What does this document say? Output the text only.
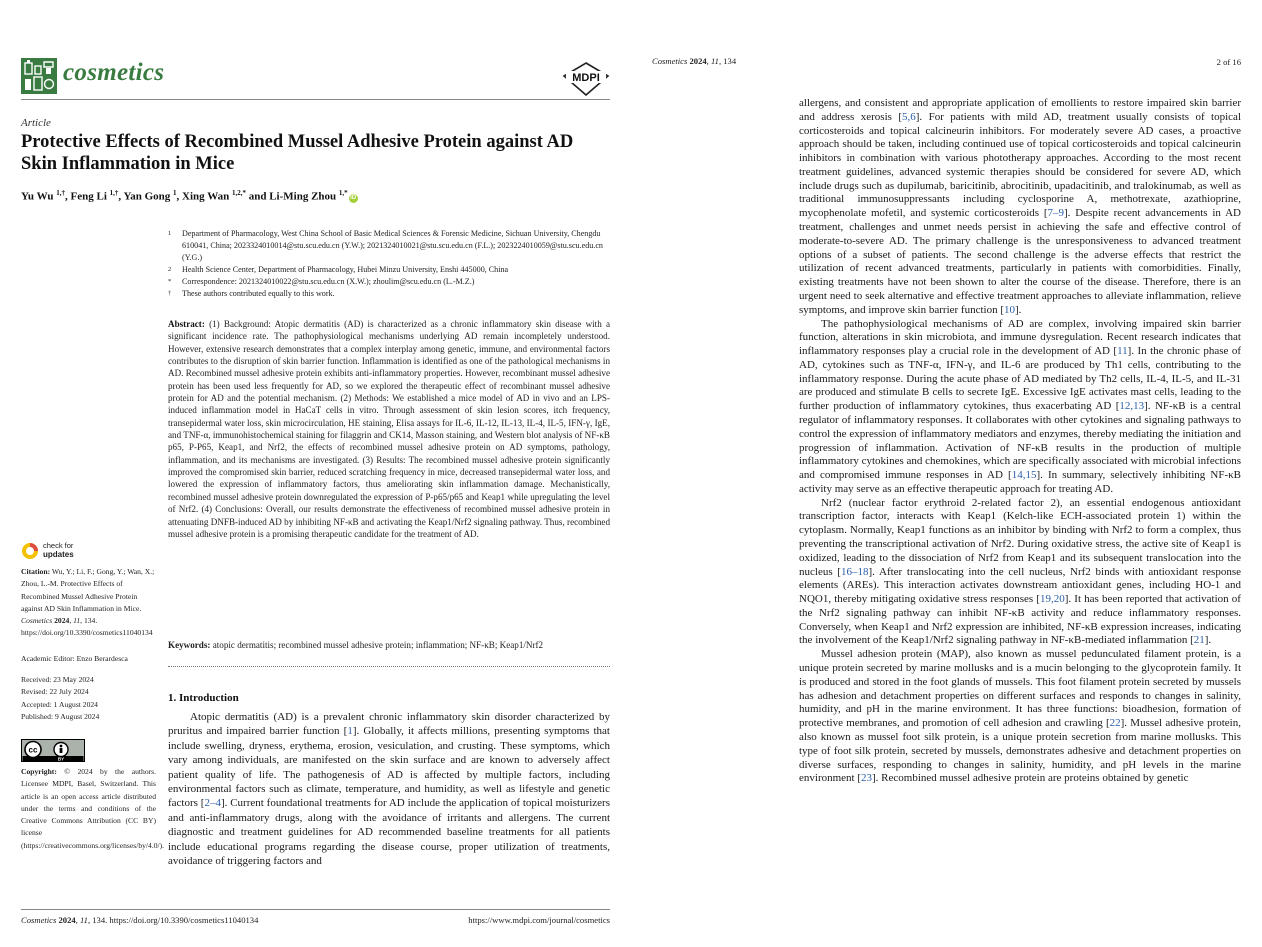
cosmetics	MDPI
Article
Protective Effects of Recombined Mussel Adhesive Protein against AD Skin Inflammation in Mice
Yu Wu $^{1,\dagger}$, Feng Li $^{1,\dagger}$, Yan Gong $^1$, Xing Wan $^{1,2,*}$ and Li-Ming Zhou $^{1,*}$iD
1	Department of Pharmacology, West China School of Basic Medical Sciences & Forensic Medicine, Sichuan University, Chengdu 610041, China; 2023324010014@stu.scu.edu.cn (Y.W.); 2021324010021@stu.scu.edu.cn (F.L.); 2023224010059@stu.scu.edu.cn (Y.G.)
2	Health Science Center, Department of Pharmacology, Hubei Minzu University, Enshi 445000, China
*	Correspondence: 2021324010022@stu.scu.edu.cn (X.W.); zhoulim@scu.edu.cn (L.-M.Z.)
†	These authors contributed equally to this work.
Abstract: (1) Background: Atopic dermatitis (AD) is characterized as a chronic inflammatory skin disease with a significant incidence rate. The pathophysiological mechanisms underlying AD remain incompletely understood. However, extensive research demonstrates that a complex interplay among genetic, immune, and environmental factors contributes to the disruption of skin barrier function. Inflammation is identified as one of the pathological mechanisms in AD. Recombined mussel adhesive protein exhibits anti-inflammatory properties. However, recombinant mussel adhesive protein has been used less frequently for AD, so we explored the therapeutic effect of recombinant mussel adhesive protein for AD and the potential mechanism. (2) Methods: We established a mice model of AD in vivo and an LPS-induced inflammation model in HaCaT cells in vitro. Through assessment of skin lesion scores, itch frequency, transepidermal water loss, skin microcirculation, HE staining, Elisa assays for IL-6, IL-12, IL-13, IL-4, IL-5, IFN-γ, IgE, and TNF-α, immunohistochemical staining for filaggrin and CK14, Masson staining, and Western blot analysis of NF-κB p65, P-P65, Keap1, and Nrf2, the effects of recombined mussel adhesive protein on AD symptoms, pathology, inflammation, and its mechanisms are investigated. (3) Results: The recombined mussel adhesive protein significantly improved the compromised skin barrier, reduced scratching frequency in mice, decreased transepidermal water loss, and lowered the expression of inflammatory factors, thus ameliorating skin inflammation damage. Mechanistically, recombined mussel adhesive protein downregulated the expression of P-p65/p65 and Keap1 while upregulating the level of Nrf2. (4) Conclusions: Overall, our results demonstrate the effectiveness of recombined mussel adhesive protein in attenuating DNFB-induced AD by inhibiting NF-κB and activating the Keap1/Nrf2 signaling pathway. Thus, recombined mussel adhesive protein is a promising therapeutic candidate for the treatment of AD.
Keywords: atopic dermatitis; recombined mussel adhesive protein; inflammation; NF-κB; Keap1/Nrf2
check for
updates
Citation: Wu, Y.; Li, F.; Gong, Y.; Wan, X.; Zhou, L.-M. Protective Effects of Recombined Mussel Adhesive Protein against AD Skin Inflammation in Mice. Cosmetics 2024, 11, 134. https://doi.org/10.3390/cosmetics11040134
Academic Editor: Enzo Berardesca
Received: 23 May 2024
Revised: 22 July 2024
Accepted: 1 August 2024
Published: 9 August 2024
cc
BY
Copyright: © 2024 by the authors. Licensee MDPI, Basel, Switzerland. This article is an open access article distributed under the terms and conditions of the Creative Commons Attribution (CC BY) license (https://creativecommons.org/licenses/by/4.0/).
1. Introduction
Atopic dermatitis (AD) is a prevalent chronic inflammatory skin disorder characterized by pruritus and impaired barrier function [1]. Globally, it affects millions, presenting symptoms that include swelling, dryness, erythema, erosion, vesiculation, and crusting. These symptoms, which vary among individuals, are manifested on the skin surface and are known to adversely affect patient quality of life. The pathogenesis of AD is affected by multiple factors, including environmental factors such as climate, temperature, and humidity, as well as lifestyle and genetic factors [2–4]. Current foundational treatments for AD include the application of topical moisturizers and anti-inflammatory drugs, along with the avoidance of irritants and allergens. The current diagnostic and treatment guidelines for AD recommended baseline treatments for all patients include educational programs regarding the disease course, proper utilization of treatments, avoidance of triggering factors and
Cosmetics 2024, 11, 134. https://doi.org/10.3390/cosmetics11040134	https://www.mdpi.com/journal/cosmetics
Cosmetics 2024, 11, 134	2 of 16

allergens, and consistent and appropriate application of emollients to restore impaired skin barrier and address xerosis [5,6]. For patients with mild AD, treatment usually consists of topical corticosteroids and topical calcineurin inhibitors. For moderately severe AD cases, a proactive approach should be taken, including continued use of topical corticosteroids and topical calcineurin inhibitors in combination with various phototherapy approaches. According to the most recent treatment guidelines, advanced systemic therapies should be considered for severe AD, which include drugs such as dupilumab, baricitinib, abrocitinib, upadacitinib, and tralokinumab, as well as traditional immunosuppressants including cyclosporine A, methotrexate, azathioprine, mycophenolate mofetil, and systemic corticosteroids [7–9]. Despite recent advancements in AD treatment, challenges and unmet needs persist in achieving the safe and effective control of moderate-to-severe AD. The primary challenge is the unresponsiveness to advanced treatment options of a subset of patients. The second challenge is the adverse effects that restrict the utilization of recent advanced treatments, particularly in patients with comorbidities. Finally, existing treatments have not been shown to alter the course of the disease. Therefore, there is an urgent need to seek alternative and effective treatment approaches to alleviate inflammation, relieve symptoms, and improve skin barrier function [10].

The pathophysiological mechanisms of AD are complex, involving impaired skin barrier function, alterations in skin microbiota, and immune dysregulation. Recent research indicates that inflammatory responses play a crucial role in the development of AD [11]. In the chronic phase of AD, cytokines such as TNF-α, IFN-γ, and IL-6 are produced by Th1 cells, contributing to the inflammatory response. During the acute phase of AD mediated by Th2 cells, IL-4, IL-5, and IL-31 are produced and stimulate B cells to secrete IgE. Excessive IgE activates mast cells, leading to the further production of inflammatory cytokines, thus exacerbating AD [12,13]. NF-κB is a central regulator of inflammatory responses. It collaborates with other cytokines and signaling pathways to control the expression of inflammatory mediators and enzymes, thereby mediating the initiation and progression of inflammation. Activation of NF-κB results in the production of multiple inflammatory cytokines and chemokines, which are specifically associated with microbial infections and compromised immune responses in AD [14,15]. In summary, selectively inhibiting NF-κB activity may serve as an effective therapeutic approach for treating AD.

Nrf2 (nuclear factor erythroid 2-related factor 2), an essential endogenous antioxidant transcription factor, interacts with Keap1 (Kelch-like ECH-associated protein 1) within the cytoplasm. Normally, Keap1 functions as an inhibitor by binding with Nrf2 to form a complex, thus preventing the transcriptional activation of Nrf2. During oxidative stress, the active site of Keap1 is oxidized, leading to the dissociation of Nrf2 from Keap1 and its subsequent translocation into the nucleus [16–18]. After translocating into the cell nucleus, Nrf2 binds with antioxidant response elements (AREs). This interaction activates downstream antioxidant genes, including HO-1 and NQO1, thereby mitigating oxidative stress responses [19,20]. It has been reported that activation of the Nrf2 signaling pathway can inhibit NF-κB activity and reduce inflammatory responses. Conversely, when Keap1 and Nrf2 expression are inhibited, NF-κB expression increases, indicating the involvement of the Keap1/Nrf2 signaling pathway in NF-κB-mediated inflammation [21].

Mussel adhesion protein (MAP), also known as mussel pedunculated filament protein, is a unique protein secreted by marine mollusks and is a mucin belonging to the glycoprotein family. It is produced and stored in the foot glands of mussels. This foot filament protein secreted by mussels has adhesion and detachment properties on different surfaces and responds to changes in salinity, humidity, and pH in the marine environment. It has three functions: bioadhesion, formation of protective membranes, and promotion of cell adhesion and crawling [22]. Mussel adhesive protein, also known as mussel foot silk protein, is a unique protein secretion from marine mollusks. This type of foot silk protein, secreted by mussels, demonstrates adhesive and detachment properties on diverse surfaces, responding to changes in salinity, humidity, and pH levels in the marine environment [23]. Recombined mussel adhesive protein are proteins obtained by genetic
